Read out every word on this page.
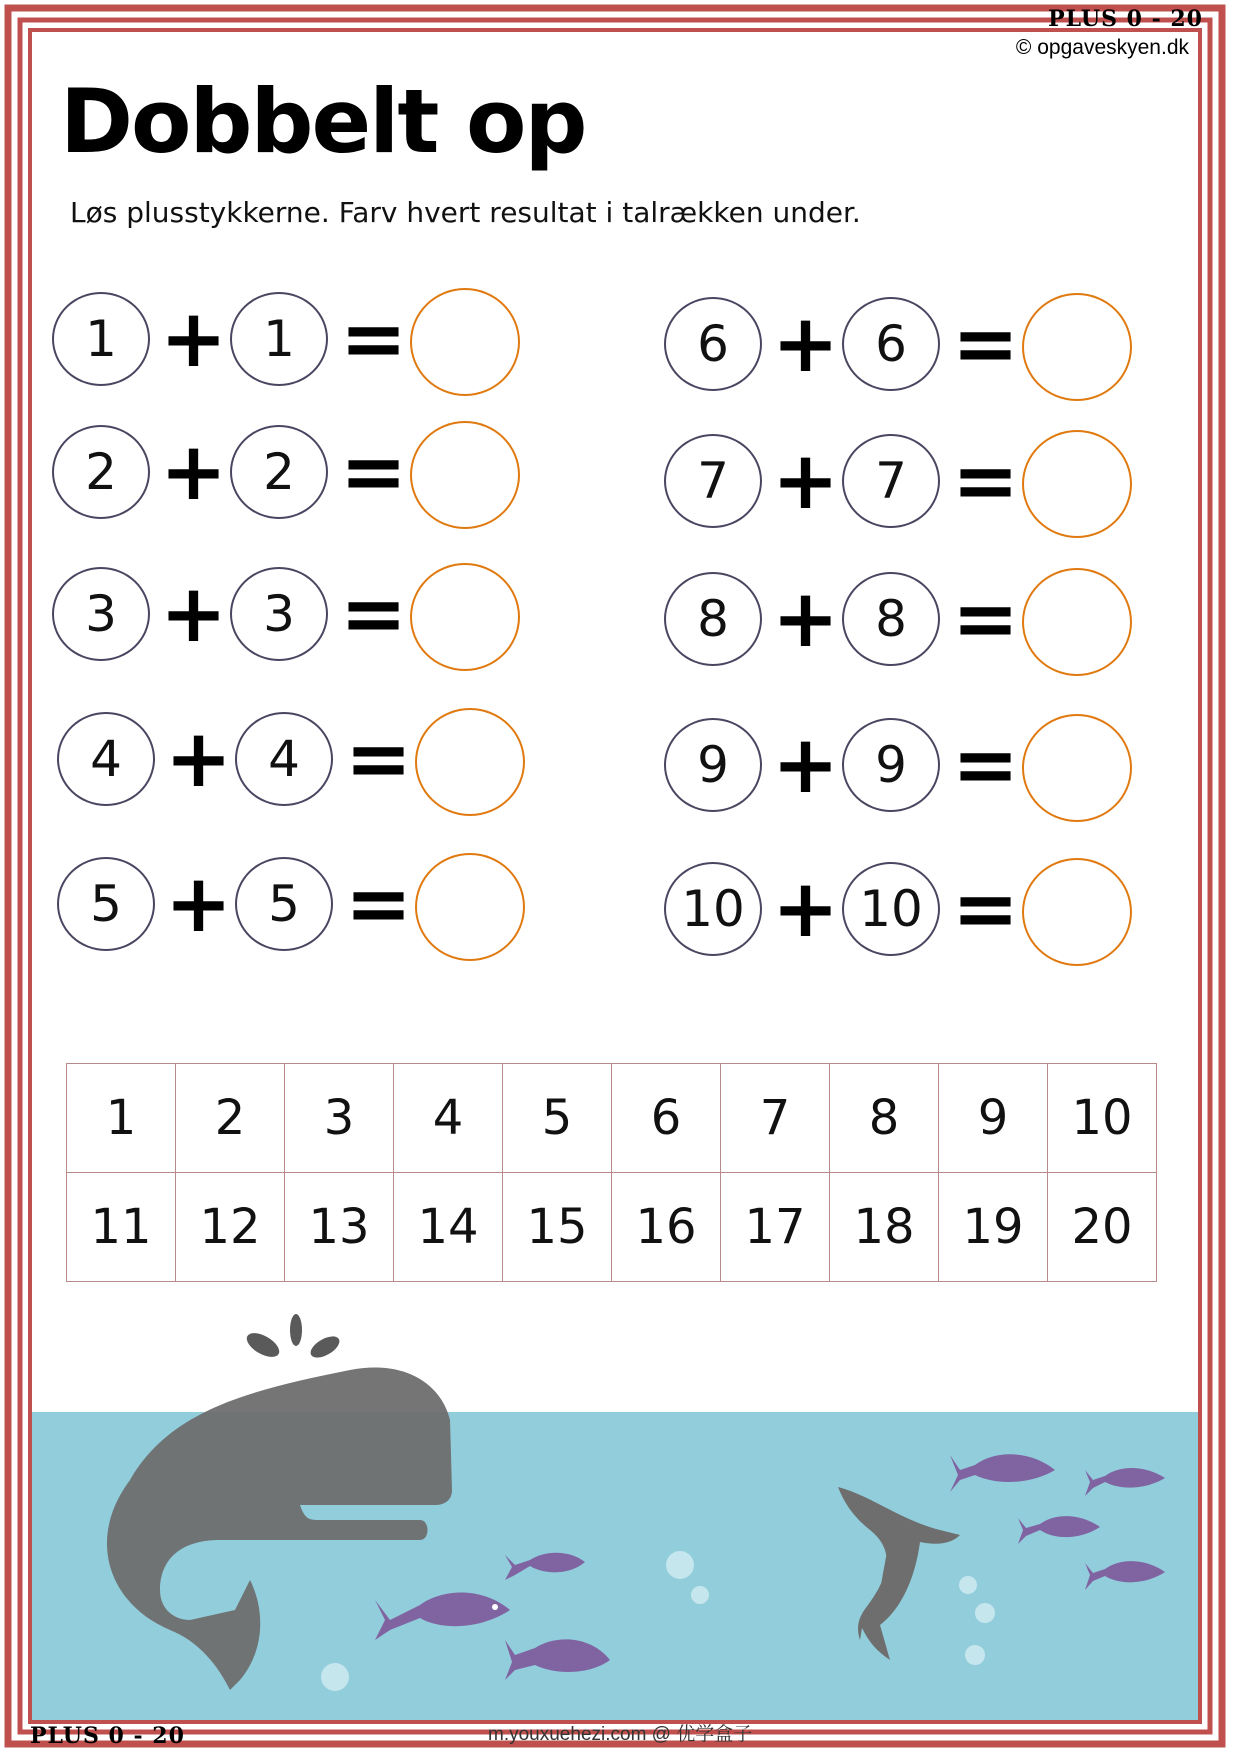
PLUS 0 - 20
© opgaveskyen.dk
Dobbelt op
Løs plusstykkerne. Farv hvert resultat i talrækken under.
1 + 1 =
2 + 2 =
3 + 3 =
4 + 4 =
5 + 5 =
6 + 6 =
7 + 7 =
8 + 8 =
9 + 9 =
10 + 10 =
1	2	3	4	5	6	7	8	9	10
11	12	13	14	15	16	17	18	19	20
PLUS 0 - 20	m.youxuehezi.com @ 优学盒子
